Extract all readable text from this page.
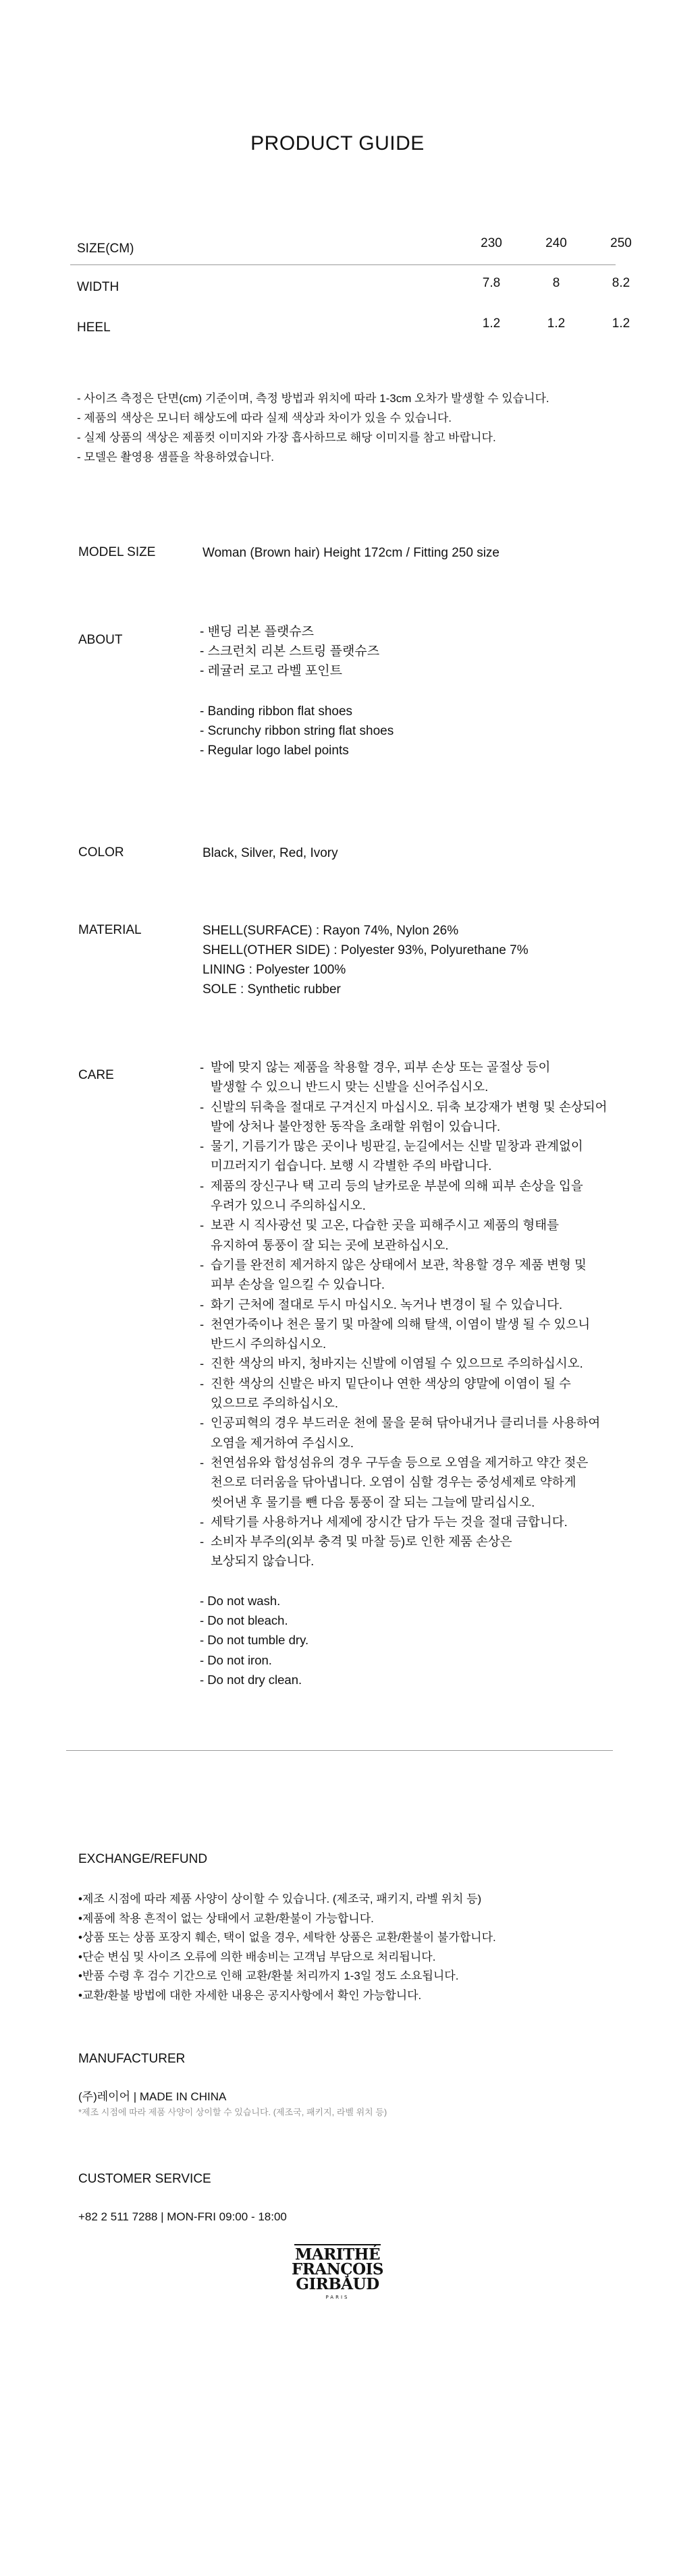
PRODUCT GUIDE
SIZE(CM)	230	240	250
WIDTH	7.8	8	8.2
HEEL	1.2	1.2	1.2
- 사이즈 측정은 단면(cm) 기준이며, 측정 방법과 위치에 따라 1-3cm 오차가 발생할 수 있습니다.
- 제품의 색상은 모니터 해상도에 따라 실제 색상과 차이가 있을 수 있습니다.
- 실제 상품의 색상은 제품컷 이미지와 가장 흡사하므로 해당 이미지를 참고 바랍니다.
- 모델은 촬영용 샘플을 착용하였습니다.
MODEL SIZE	Woman (Brown hair) Height 172cm / Fitting 250 size
ABOUT
- 밴딩 리본 플랫슈즈
- 스크런치 리본 스트링 플랫슈즈
- 레귤러 로고 라벨 포인트
- Banding ribbon flat shoes
- Scrunchy ribbon string flat shoes
- Regular logo label points
COLOR	Black, Silver, Red, Ivory
MATERIAL	SHELL(SURFACE) : Rayon 74%, Nylon 26%
SHELL(OTHER SIDE) : Polyester 93%, Polyurethane 7%
LINING : Polyester 100%
SOLE : Synthetic rubber
CARE
- 발에 맞지 않는 제품을 착용할 경우, 피부 손상 또는 골절상 등이
발생할 수 있으니 반드시 맞는 신발을 신어주십시오.
- 신발의 뒤축을 절대로 구겨신지 마십시오. 뒤축 보강재가 변형 및 손상되어
발에 상처나 불안정한 동작을 초래할 위험이 있습니다.
- 물기, 기름기가 많은 곳이나 빙판길, 눈길에서는 신발 밑창과 관계없이
미끄러지기 쉽습니다. 보행 시 각별한 주의 바랍니다.
- 제품의 장신구나 택 고리 등의 날카로운 부분에 의해 피부 손상을 입을
우려가 있으니 주의하십시오.
- 보관 시 직사광선 및 고온, 다습한 곳을 피해주시고 제품의 형태를
유지하여 통풍이 잘 되는 곳에 보관하십시오.
- 습기를 완전히 제거하지 않은 상태에서 보관, 착용할 경우 제품 변형 및
피부 손상을 일으킬 수 있습니다.
- 화기 근처에 절대로 두시 마십시오. 녹거나 변경이 될 수 있습니다.
- 천연가죽이나 천은 물기 및 마찰에 의해 탈색, 이염이 발생 될 수 있으니
반드시 주의하십시오.
- 진한 색상의 바지, 청바지는 신발에 이염될 수 있으므로 주의하십시오.
- 진한 색상의 신발은 바지 밑단이나 연한 색상의 양말에 이염이 될 수
있으므로 주의하십시오.
- 인공피혁의 경우 부드러운 천에 물을 묻혀 닦아내거나 클리너를 사용하여
오염을 제거하여 주십시오.
- 천연섬유와 합성섬유의 경우 구두솔 등으로 오염을 제거하고 약간 젖은
천으로 더러움을 닦아냅니다. 오염이 심할 경우는 중성세제로 약하게
씻어낸 후 물기를 뺀 다음 통풍이 잘 되는 그늘에 말리십시오.
- 세탁기를 사용하거나 세제에 장시간 담가 두는 것을 절대 금합니다.
- 소비자 부주의(외부 충격 및 마찰 등)로 인한 제품 손상은
보상되지 않습니다.
- Do not wash.
- Do not bleach.
- Do not tumble dry.
- Do not iron.
- Do not dry clean.
EXCHANGE/REFUND
•제조 시점에 따라 제품 사양이 상이할 수 있습니다. (제조국, 패키지, 라벨 위치 등)
•제품에 착용 흔적이 없는 상태에서 교환/환불이 가능합니다.
•상품 또는 상품 포장지 훼손, 택이 없을 경우, 세탁한 상품은 교환/환불이 불가합니다.
•단순 변심 및 사이즈 오류에 의한 배송비는 고객님 부담으로 처리됩니다.
•반품 수령 후 검수 기간으로 인해 교환/환불 처리까지 1-3일 정도 소요됩니다.
•교환/환불 방법에 대한 자세한 내용은 공지사항에서 확인 가능합니다.
MANUFACTURER
(주)레이어 | MADE IN CHINA
*제조 시점에 따라 제품 사양이 상이할 수 있습니다. (제조국, 패키지, 라벨 위치 등)
CUSTOMER SERVICE
+82 2 511 7288 | MON-FRI 09:00 - 18:00
MARITHÉ
FRANÇOIS
GIRBAUD
PARIS
